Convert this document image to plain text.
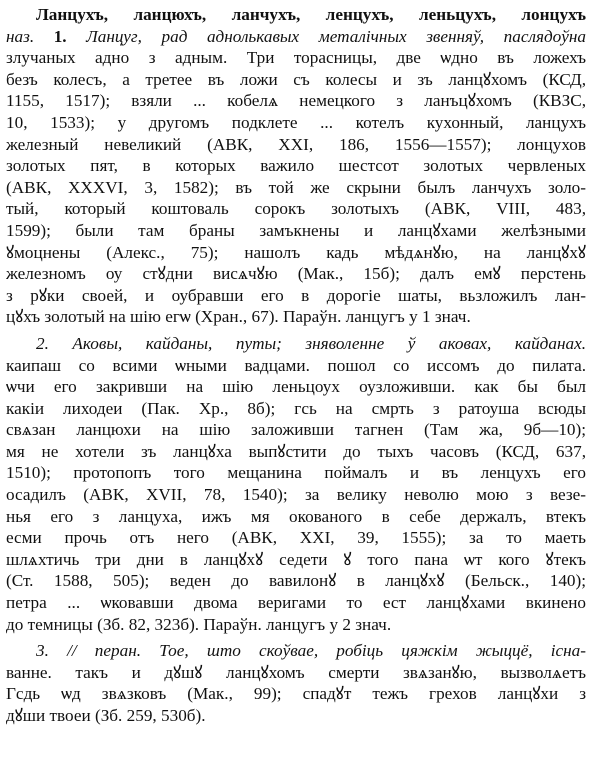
Ланцухъ, ланцюхъ, ланчухъ, ленцухъ, леньцухъ, лонцухъ
наз. 1. Ланцуг, рад аднолькавых металічных звенняў, паслядоўна
злучаных адно з адным. Три торасницы, две ѡдно въ ложехъ
безъ колесъ, а третее въ ложи съ колесы и зъ ланцꙋхомъ (КСД,
1155, 1517); взяли ... кобелѧ немецкого з ланъцꙋхомъ (КВЗС,
10, 1533); у другомъ подклете ... котелъ кухонный, ланцухъ
железный невеликий (АВК, XXI, 186, 1556—1557); лонцухов
золотых пят, в которых важило шестсот золотых червленых
(АВК, XXXVI, 3, 1582); въ той же скрыни былъ ланчухъ золо-
тый, который коштоваль сорокъ золотыхъ (АВК, VIII, 483,
1599); были там браны замъкнены и ланцꙋхами желѣзными
ꙋмоцнены (Алекс., 75); нашолъ кадь мѣдѧнꙋю, на ланцꙋхꙋ
железномъ оу стꙋдни висѧчꙋю (Мак., 15б); далъ емꙋ перстень
з рꙋки своей, и оубравши его в дорогіе шаты, вьзложилъ лан-
цꙋхъ золотый на шію егѡ (Хран., 67). Параўн. ланцугъ у 1 знач.
2. Аковы, кайданы, путы; зняволенне ў аковах, кайданах.
каипаш со всими ѡными вадцами. пошол со иссомъ до пилата.
ѡчи его закривши на шію леньцоух оузложивши. как бы был
какіи лиходеи (Пак. Хр., 8б); гсь на смрть з ратоуша всюды
свѧзан ланцюхи на шію заложивши тагнен (Там жа, 9б—10);
мя не хотели зъ ланцꙋха выпꙋстити до тыхъ часовъ (КСД, 637,
1510); протопопъ того мещанина поймалъ и въ ленцухъ его
осадилъ (АВК, XVII, 78, 1540); за велику неволю мою з везе-
нья его з ланцуха, ижъ мя окованого в себе держалъ, втекъ
есми прочь отъ него (АВК, XXI, 39, 1555); за то маеть
шлѧхтичь три дни в ланцꙋхꙋ седети ꙋ того пана ѡт кого ꙋтекъ
(Ст. 1588, 505); веден до вавилонꙋ в ланцꙋхꙋ (Бельск., 140);
петра ... ѡковавши двома веригами то ест ланцꙋхами вкинено
до темницы (Зб. 82, 323б). Параўн. ланцугъ у 2 знач.
3. // перан. Тое, што скоўвае, робіць цяжкім жыццё, існа-
ванне. такъ и дꙋшꙋ ланцꙋхомъ смерти звѧзанꙋю, вызволѧетъ
Гсдь ѡд звѧзковъ (Мак., 99); спадꙋт тежъ грехов ланцꙋхи з
дꙋши твоеи (Зб. 259, 530б).
